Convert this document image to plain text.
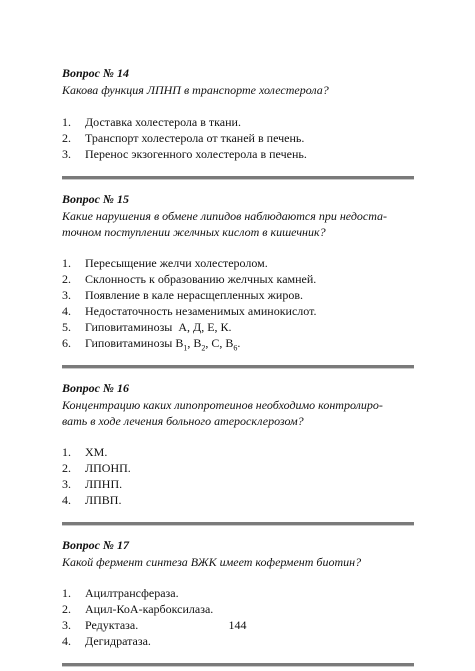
Вопрос № 14

Какова функция ЛПНП в транспорте холестерола?

1.	Доставка холестерола в ткани.
2.	Транспорт холестерола от тканей в печень.
3.	Перенос экзогенного холестерола в печень.

Вопрос № 15

Какие нарушения в обмене липидов наблюдаются при недоста-
точном поступлении желчных кислот в кишечник?

1.	Пересыщение желчи холестеролом.
2.	Склонность к образованию желчных камней.
3.	Появление в кале нерасщепленных жиров.
4.	Недостаточность незаменимых аминокислот.
5.	Гиповитаминозы  А, Д, Е, К.
6.	Гиповитаминозы $В_1$, $В_2$, С, $В_6$.

Вопрос № 16

Концентрацию каких липопротеинов необходимо контролиро-
вать в ходе лечения больного атеросклерозом?

1.	ХМ.
2.	ЛПОНП.
3.	ЛПНП.
4.	ЛПВП.

Вопрос № 17

Какой фермент синтеза ВЖК имеет кофермент биотин?

1.	Ацилтрансфераза.
2.	Ацил-КоА-карбоксилаза.
3.	Редуктаза.
4.	Дегидратаза.
144
